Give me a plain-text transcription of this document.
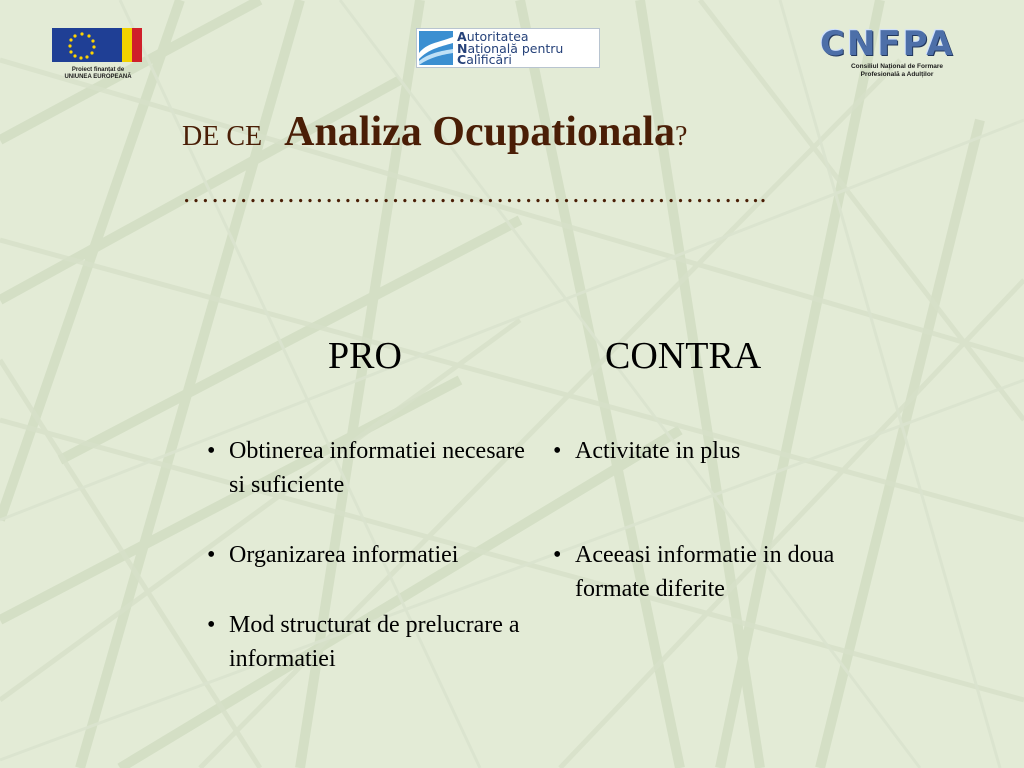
Proiect finanțat de
UNIUNEA EUROPEANĂ
Autoritatea
Națională pentru
Calificări	CNFPA
Consiliul Național de Formare
Profesională a Adulților
DE CE Analiza Ocupationala?
……………………………………………………..
PRO	CONTRA
• Obtinerea informatiei necesare si suficiente
• Organizarea informatiei
• Mod structurat de prelucrare a informatiei
• Activitate in plus
• Aceeasi informatie in doua formate diferite
